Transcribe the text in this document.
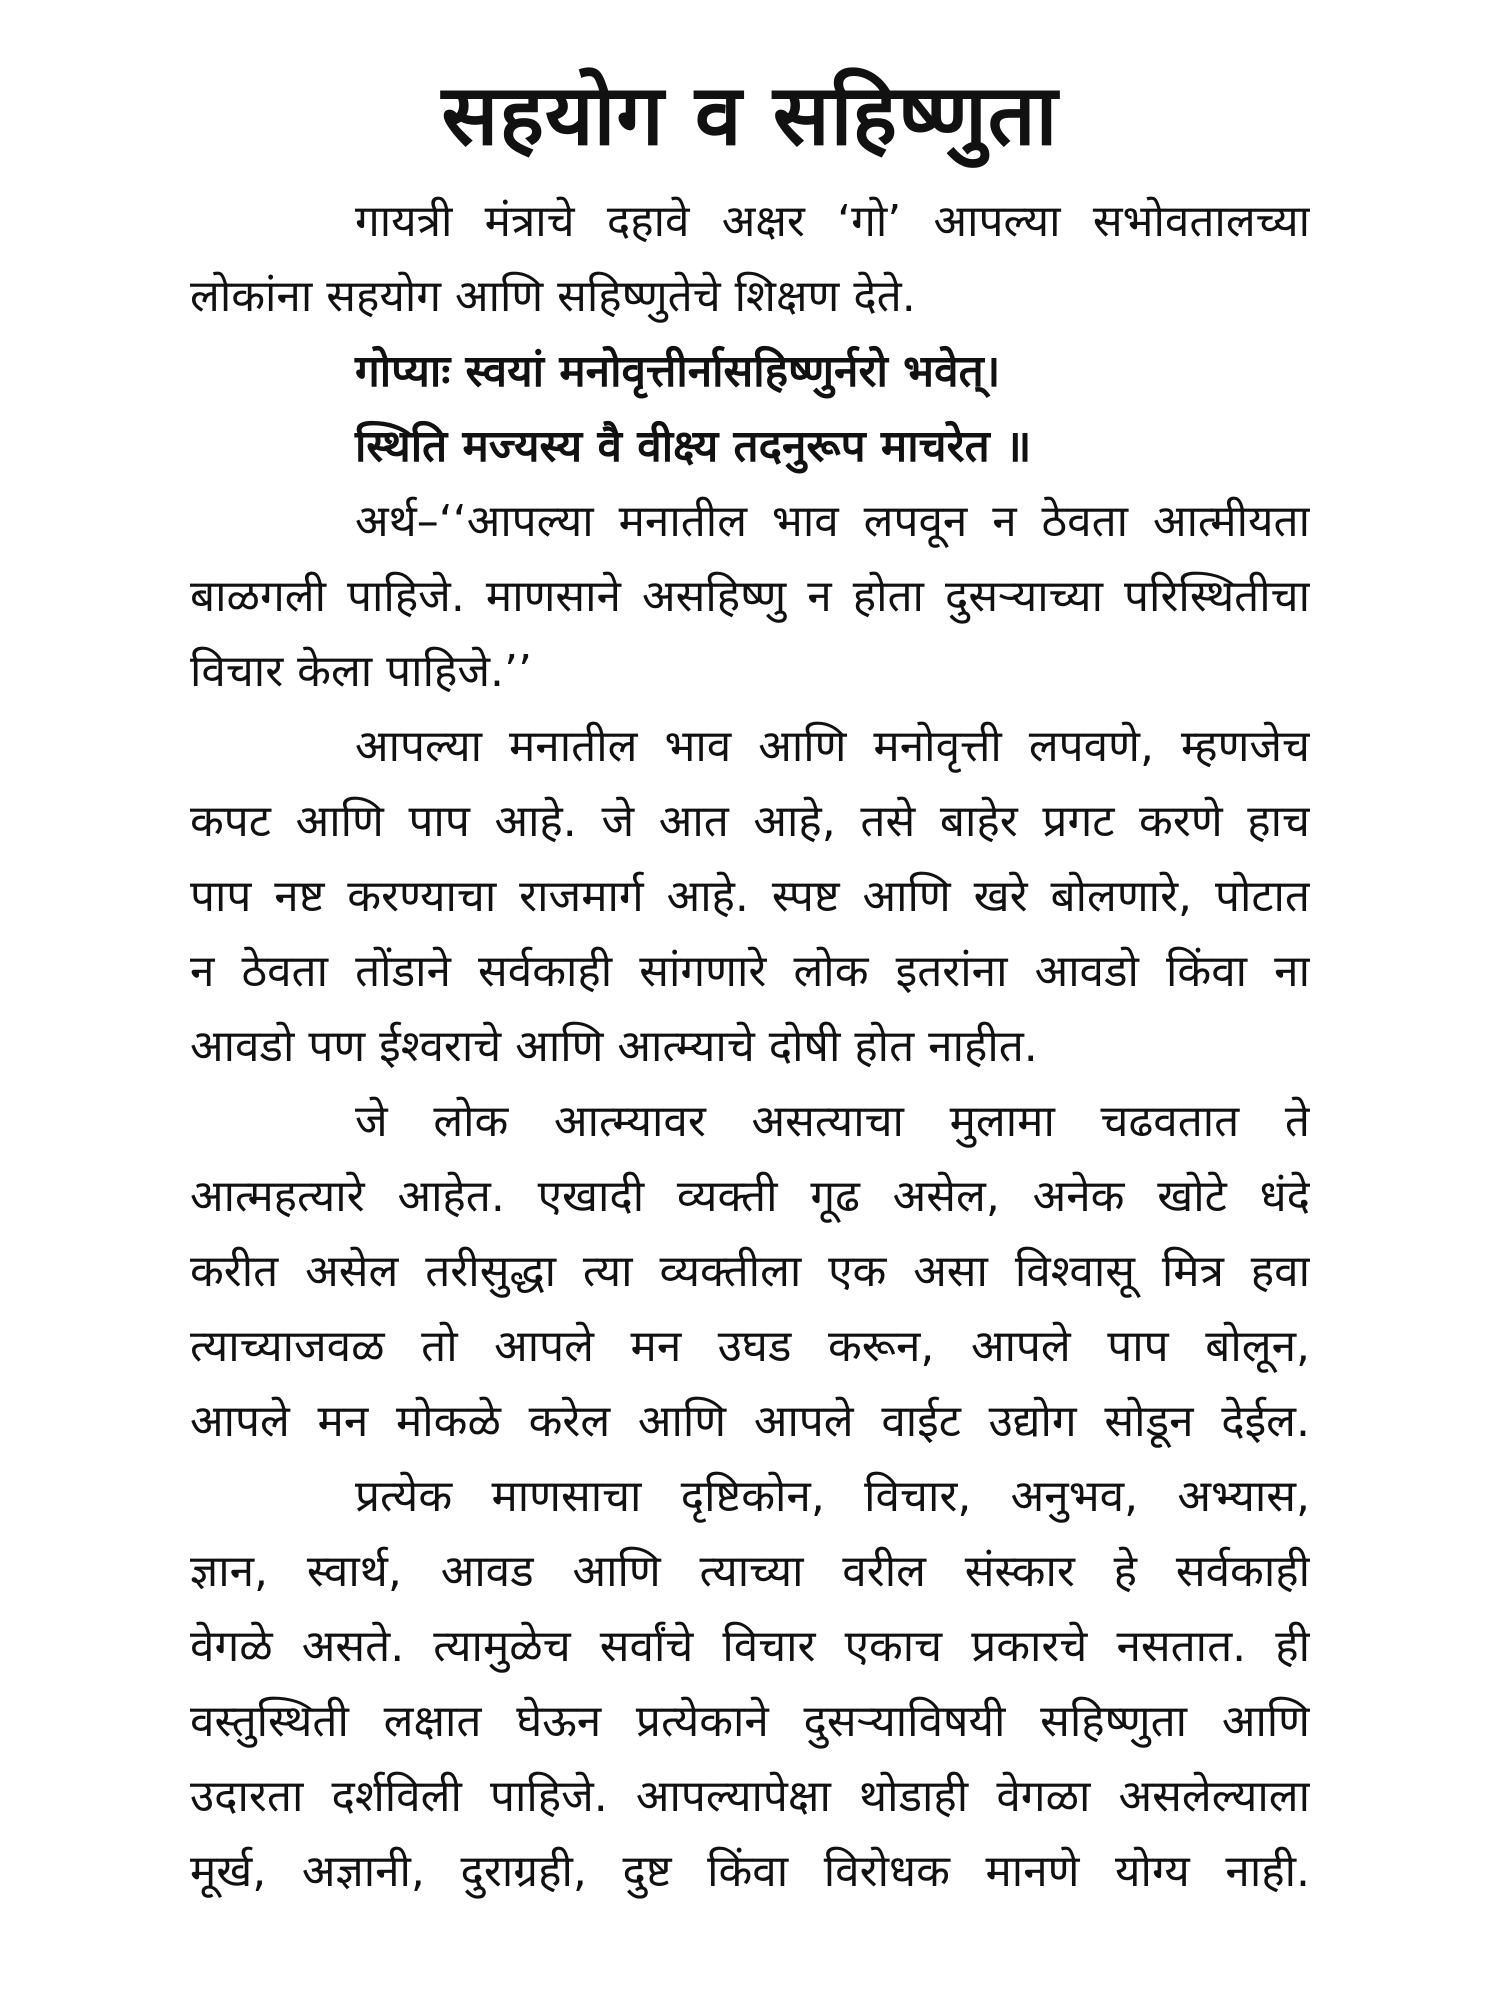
सहयोग व सहिष्णुता
गायत्री मंत्राचे दहावे अक्षर ‘गो’ आपल्या सभोवतालच्या
लोकांना सहयोग आणि सहिष्णुतेचे शिक्षण देते.
गोप्याः स्वयां मनोवृत्तीर्नासहिष्णुर्नरो भवेत्।
स्थिति मज्यस्य वै वीक्ष्य तदनुरूप माचरेत ॥
अर्थ–‘‘आपल्या मनातील भाव लपवून न ठेवता आत्मीयता
बाळगली पाहिजे. माणसाने असहिष्णु न होता दुसऱ्याच्या परिस्थितीचा
विचार केला पाहिजे.’’
आपल्या मनातील भाव आणि मनोवृत्ती लपवणे, म्हणजेच
कपट आणि पाप आहे. जे आत आहे, तसे बाहेर प्रगट करणे हाच
पाप नष्ट करण्याचा राजमार्ग आहे. स्पष्ट आणि खरे बोलणारे, पोटात
न ठेवता तोंडाने सर्वकाही सांगणारे लोक इतरांना आवडो किंवा ना
आवडो पण ईश्वराचे आणि आत्म्याचे दोषी होत नाहीत.
जे लोक आत्म्यावर असत्याचा मुलामा चढवतात ते
आत्महत्यारे आहेत. एखादी व्यक्ती गूढ असेल, अनेक खोटे धंदे
करीत असेल तरीसुद्धा त्या व्यक्तीला एक असा विश्वासू मित्र हवा
त्याच्याजवळ तो आपले मन उघड करून, आपले पाप बोलून,
आपले मन मोकळे करेल आणि आपले वाईट उद्योग सोडून देईल.
प्रत्येक माणसाचा दृष्टिकोन, विचार, अनुभव, अभ्यास,
ज्ञान, स्वार्थ, आवड आणि त्याच्या वरील संस्कार हे सर्वकाही
वेगळे असते. त्यामुळेच सर्वांचे विचार एकाच प्रकारचे नसतात. ही
वस्तुस्थिती लक्षात घेऊन प्रत्येकाने दुसऱ्याविषयी सहिष्णुता आणि
उदारता दर्शविली पाहिजे. आपल्यापेक्षा थोडाही वेगळा असलेल्याला
मूर्ख, अज्ञानी, दुराग्रही, दुष्ट किंवा विरोधक मानणे योग्य नाही.
